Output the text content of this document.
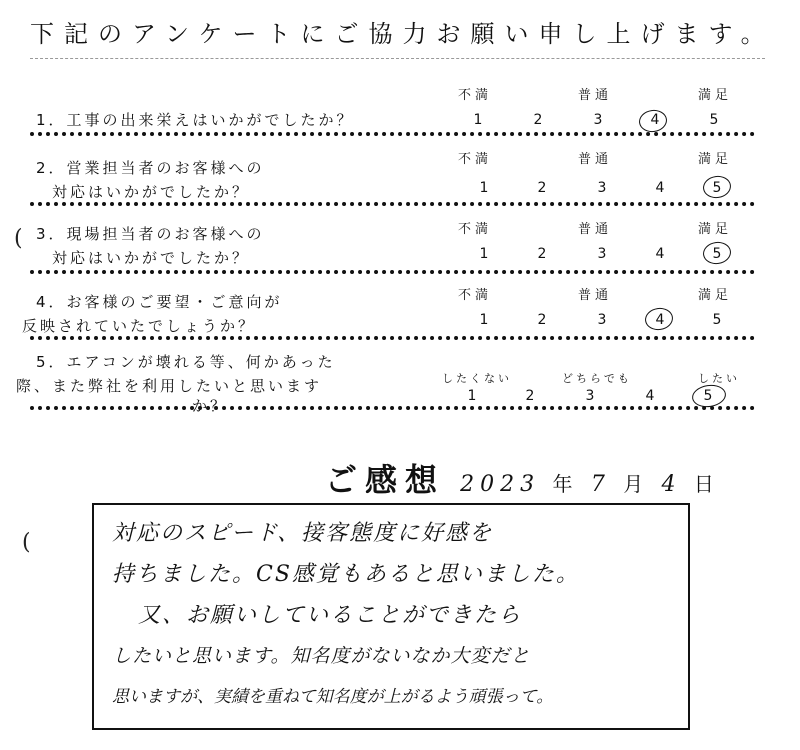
下記のアンケートにご協力お願い申し上げます。
不満	普通	満足
1．工事の出来栄えはいかがでしたか？	1	2	3	4	5
不満	普通	満足
2．営業担当者のお客様への
対応はいかがでしたか？	1	2	3	4	5
不満	普通	満足
( 3．現場担当者のお客様への
対応はいかがでしたか？	1	2	3	4	5
不満	普通	満足
4．お客様のご要望・ご意向が
反映されていたでしょうか？	1	2	3	4	5
5．エアコンが壊れる等、何かあった
際、また弊社を利用したいと思います
か？
したくない	どちらでも	したい
1	2	3	4	5
ご感想 2023 年 7 月 4 日
(	対応のスピード、接客態度に好感を
持ちました。CS感覚もあると思いました。
又、お願いしていることができたら
したいと思います。知名度がないなか大変だと
思いますが、実績を重ねて知名度が上がるよう頑張って。
